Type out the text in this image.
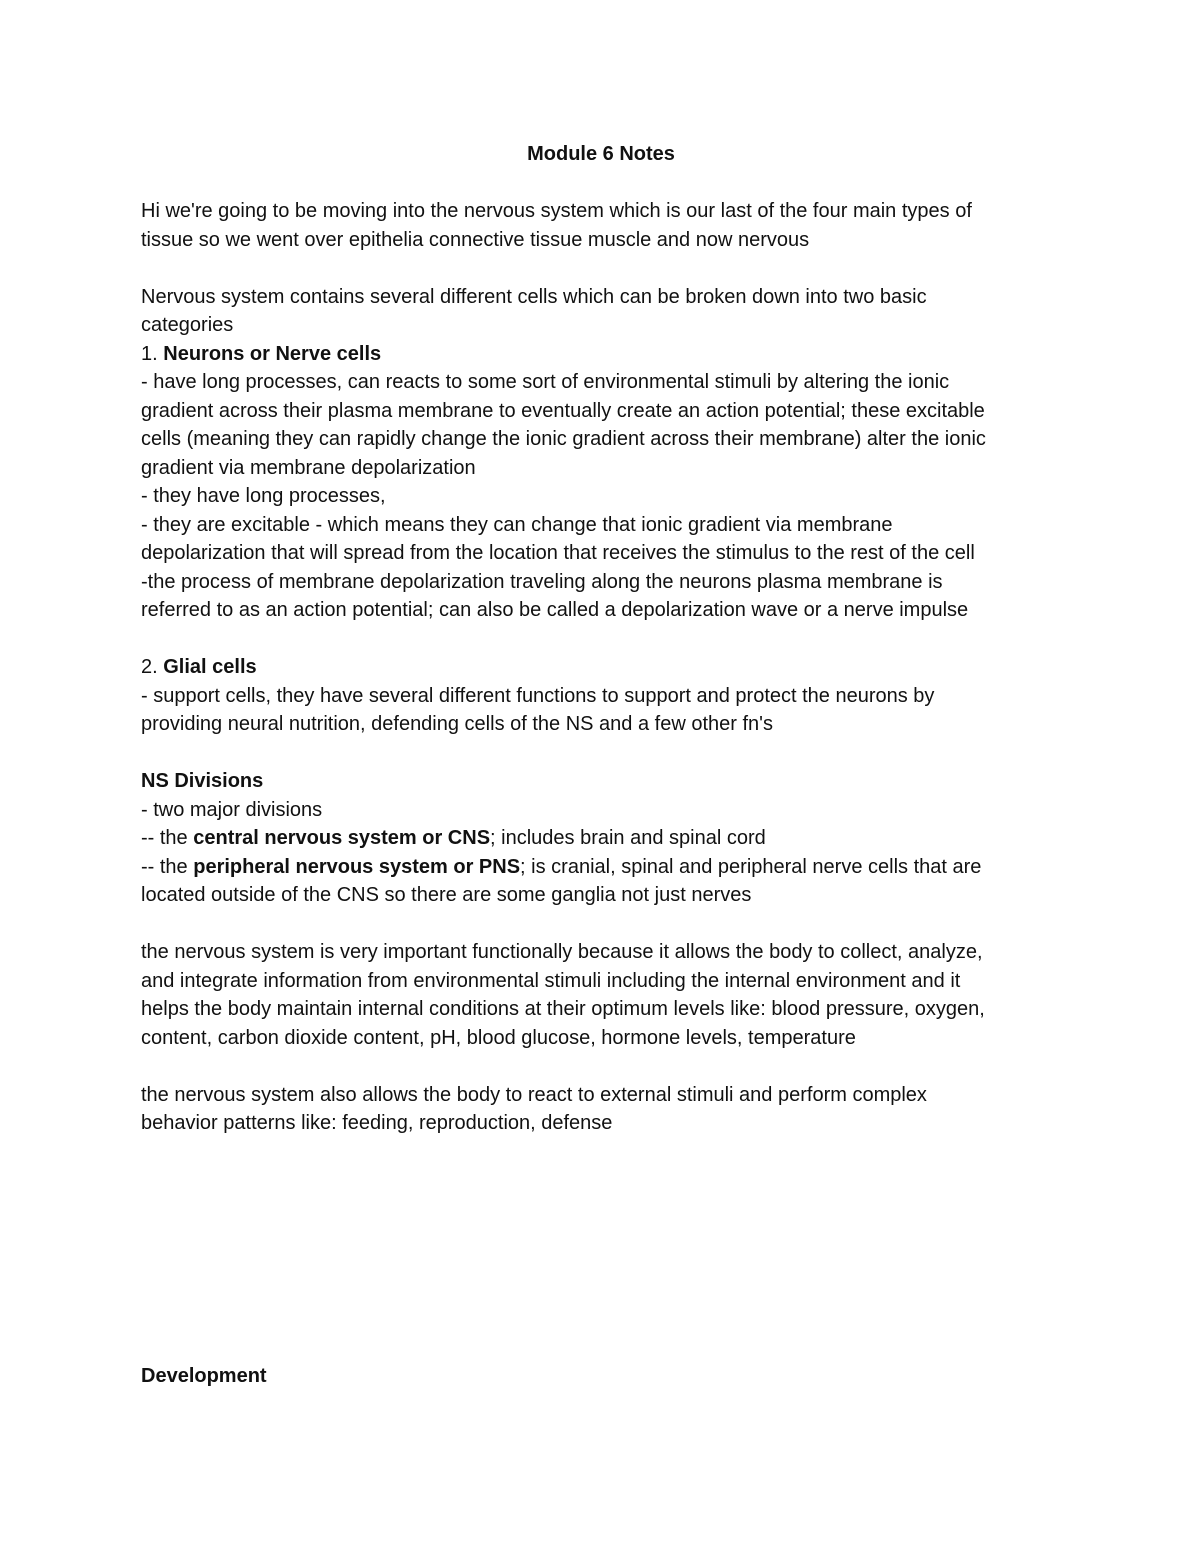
Module 6 Notes

Hi we're going to be moving into the nervous system which is our last of the four main types of
tissue so we went over epithelia connective tissue muscle and now nervous

Nervous system contains several different cells which can be broken down into two basic
categories

1. Neurons or Nerve cells
- have long processes, can reacts to some sort of environmental stimuli by altering the ionic
gradient across their plasma membrane to eventually create an action potential; these excitable
cells (meaning they can rapidly change the ionic gradient across their membrane) alter the ionic
gradient via membrane depolarization
- they have long processes,
- they are excitable - which means they can change that ionic gradient via membrane
depolarization that will spread from the location that receives the stimulus to the rest of the cell
-the process of membrane depolarization traveling along the neurons plasma membrane is
referred to as an action potential; can also be called a depolarization wave or a nerve impulse
2. Glial cells
- support cells, they have several different functions to support and protect the neurons by
providing neural nutrition, defending cells of the NS and a few other fn's
NS Divisions
- two major divisions
-- the central nervous system or CNS; includes brain and spinal cord
-- the peripheral nervous system or PNS; is cranial, spinal and peripheral nerve cells that are
located outside of the CNS so there are some ganglia not just nerves

the nervous system is very important functionally because it allows the body to collect, analyze,
and integrate information from environmental stimuli including the internal environment and it
helps the body maintain internal conditions at their optimum levels like: blood pressure, oxygen,
content, carbon dioxide content, pH, blood glucose, hormone levels, temperature

the nervous system also allows the body to react to external stimuli and perform complex
behavior patterns like: feeding, reproduction, defense

Development
